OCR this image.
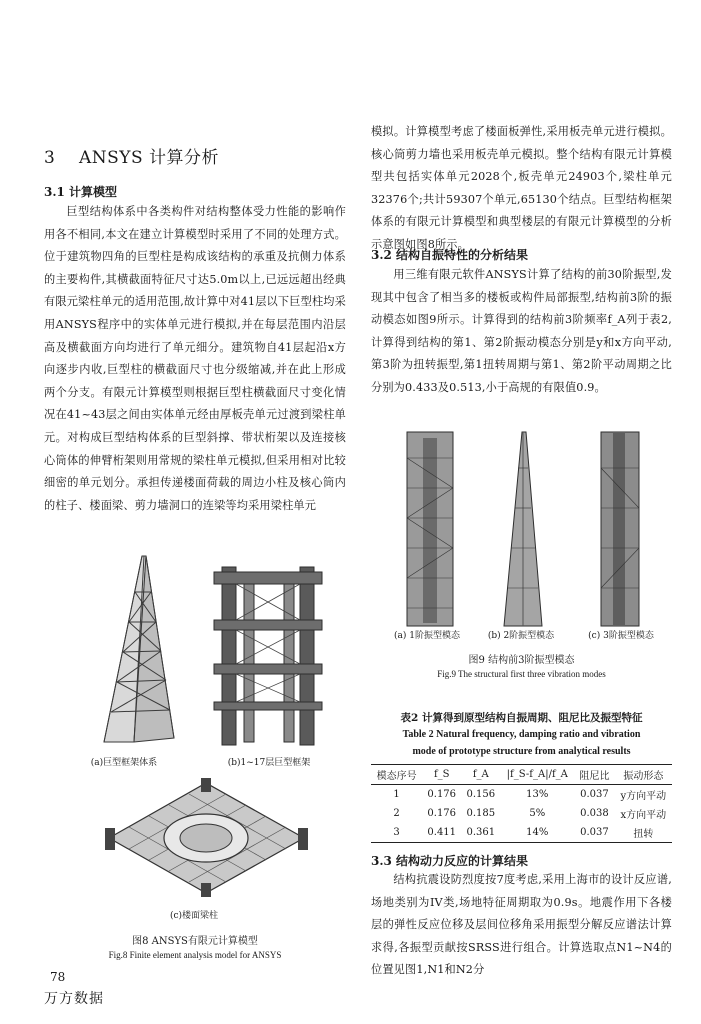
3 ANSYS 计算分析
3.1 计算模型

巨型结构体系中各类构件对结构整体受力性能的影响作用各不相同,本文在建立计算模型时采用了不同的处理方式。位于建筑物四角的巨型柱是构成该结构的承重及抗侧力体系的主要构件,其横截面特征尺寸达5.0m以上,已远远超出经典有限元梁柱单元的适用范围,故计算中对41层以下巨型柱均采用ANSYS程序中的实体单元进行模拟,并在每层范围内沿层高及横截面方向均进行了单元细分。建筑物自41层起沿x方向逐步内收,巨型柱的横截面尺寸也分级缩减,并在此上形成两个分支。有限元计算模型则根据巨型柱横截面尺寸变化情况在41~43层之间由实体单元经由厚板壳单元过渡到梁柱单元。对构成巨型结构体系的巨型斜撑、带状桁架以及连接核心筒体的伸臂桁架则用常规的梁柱单元模拟,但采用相对比较细密的单元划分。承担传递楼面荷载的周边小柱及核心筒内的柱子、楼面梁、剪力墙洞口的连梁等均采用梁柱单元

模拟。计算模型考虑了楼面板弹性,采用板壳单元进行模拟。核心筒剪力墙也采用板壳单元模拟。整个结构有限元计算模型共包括实体单元2028个,板壳单元24903个,梁柱单元32376个;共计59307个单元,65130个结点。巨型结构框架体系的有限元计算模型和典型楼层的有限元计算模型的分析示意图如图8所示。

3.2 结构自振特性的分析结果

用三维有限元软件ANSYS计算了结构的前30阶振型,发现其中包含了相当多的楼板或构件局部振型,结构前3阶的振动模态如图9所示。计算得到的结构前3阶频率f_A列于表2,计算得到结构的第1、第2阶振动模态分别是y和x方向平动,第3阶为扭转振型,第1扭转周期与第1、第2阶平动周期之比分别为0.433及0.513,小于高规的有限值0.9。

(a)巨型框架体系	(b)1~17层巨型框架
(c)楼面梁柱
图8 ANSYS有限元计算模型
Fig.8 Finite element analysis model for ANSYS
(a) 1阶振型模态	(b) 2阶振型模态	(c) 3阶振型模态
图9 结构前3阶振型模态
Fig.9 The structural first three vibration modes
表2 计算得到原型结构自振周期、阻尼比及振型特征
Table 2 Natural frequency, damping ratio and vibration
mode of prototype structure from analytical results
模态序号	f_S	f_A	|f_S-f_A|/f_A	阻尼比	振动形态
1	0.176	0.156	13%	0.037	y方向平动
2	0.176	0.185	5%	0.038	x方向平动
3	0.411	0.361	14%	0.037	扭转
3.3 结构动力反应的计算结果

结构抗震设防烈度按7度考虑,采用上海市的设计反应谱,场地类别为IV类,场地特征周期取为0.9s。地震作用下各楼层的弹性反应位移及层间位移角采用振型分解反应谱法计算求得,各振型贡献按SRSS进行组合。计算选取点N1~N4的位置见图1,N1和N2分

78
万方数据
